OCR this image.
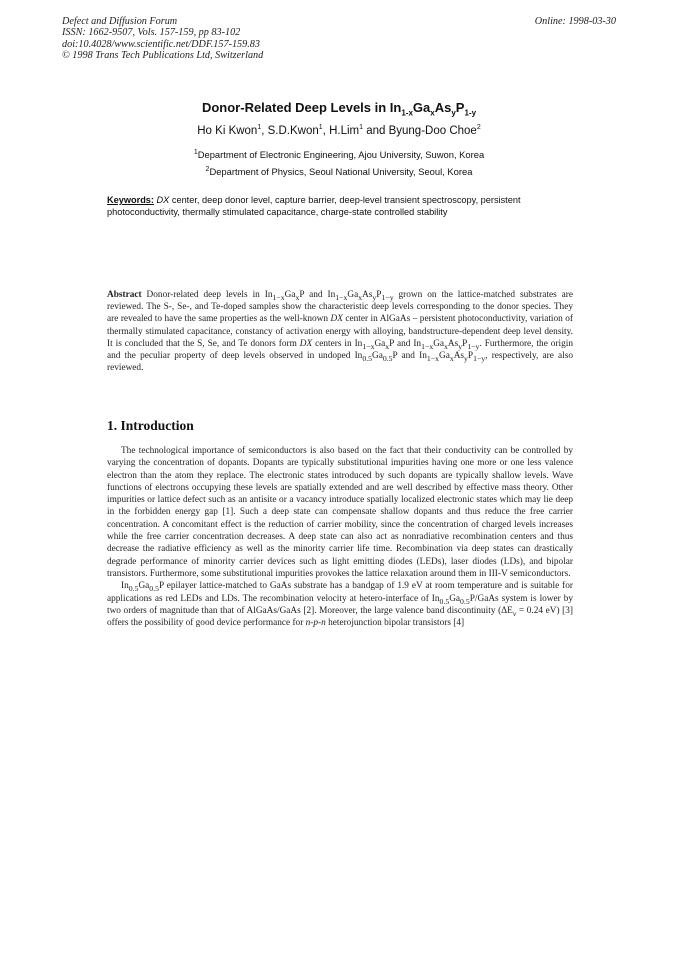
Defect and Diffusion Forum
ISSN: 1662-9507, Vols. 157-159, pp 83-102
doi:10.4028/www.scientific.net/DDF.157-159.83
© 1998 Trans Tech Publications Ltd, Switzerland
Online: 1998-03-30
Donor-Related Deep Levels in $In_{1-x}Ga_xAs_yP_{1-y}$
Ho Ki Kwon$^1$, S.D.Kwon$^1$, H.Lim$^1$ and Byung-Doo Choe$^2$
$^1$Department of Electronic Engineering, Ajou University, Suwon, Korea
$^2$Department of Physics, Seoul National University, Seoul, Korea
Keywords: DX center, deep donor level, capture barrier, deep-level transient spectroscopy, persistent photoconductivity, thermally stimulated capacitance, charge-state controlled stability
Abstract Donor-related deep levels in $In_{1-x}Ga_xP$ and $In_{1-x}Ga_xAs_yP_{1-y}$ grown on the lattice-matched substrates are reviewed. The S-, Se-, and Te-doped samples show the characteristic deep levels corresponding to the donor species. They are revealed to have the same properties as the well-known DX center in AlGaAs – persistent photoconductivity, variation of thermally stimulated capacitance, constancy of activation energy with alloying, bandstructure-dependent deep level density. It is concluded that the S, Se, and Te donors form DX centers in $In_{1-x}Ga_xP$ and $In_{1-x}Ga_xAs_yP_{1-y}$. Furthermore, the origin and the peculiar property of deep levels observed in undoped $In_{0.5}Ga_{0.5}P$ and $In_{1-x}Ga_xAs_yP_{1-y}$, respectively, are also reviewed.
1. Introduction

The technological importance of semiconductors is also based on the fact that their conductivity can be controlled by varying the concentration of dopants. Dopants are typically substitutional impurities having one more or one less valence electron than the atom they replace. The electronic states introduced by such dopants are typically shallow levels. Wave functions of electrons occupying these levels are spatially extended and are well described by effective mass theory. Other impurities or lattice defect such as an antisite or a vacancy introduce spatially localized electronic states which may lie deep in the forbidden energy gap [1]. Such a deep state can compensate shallow dopants and thus reduce the free carrier concentration. A concomitant effect is the reduction of carrier mobility, since the concentration of charged levels increases while the free carrier concentration decreases. A deep state can also act as nonradiative recombination centers and thus decrease the radiative efficiency as well as the minority carrier life time. Recombination via deep states can drastically degrade performance of minority carrier devices such as light emitting diodes (LEDs), laser diodes (LDs), and bipolar transistors. Furthermore, some substitutional impurities provokes the lattice relaxation around them in III-V semiconductors.

$In_{0.5}Ga_{0.5}P$ epilayer lattice-matched to GaAs substrate has a bandgap of 1.9 eV at room temperature and is suitable for applications as red LEDs and LDs. The recombination velocity at hetero-interface of $In_{0.5}Ga_{0.5}P$/GaAs system is lower by two orders of magnitude than that of AlGaAs/GaAs [2]. Moreover, the large valence band discontinuity ($\Delta E_v = 0.24$ eV) [3] offers the possibility of good device performance for n-p-n heterojunction bipolar transistors [4]
